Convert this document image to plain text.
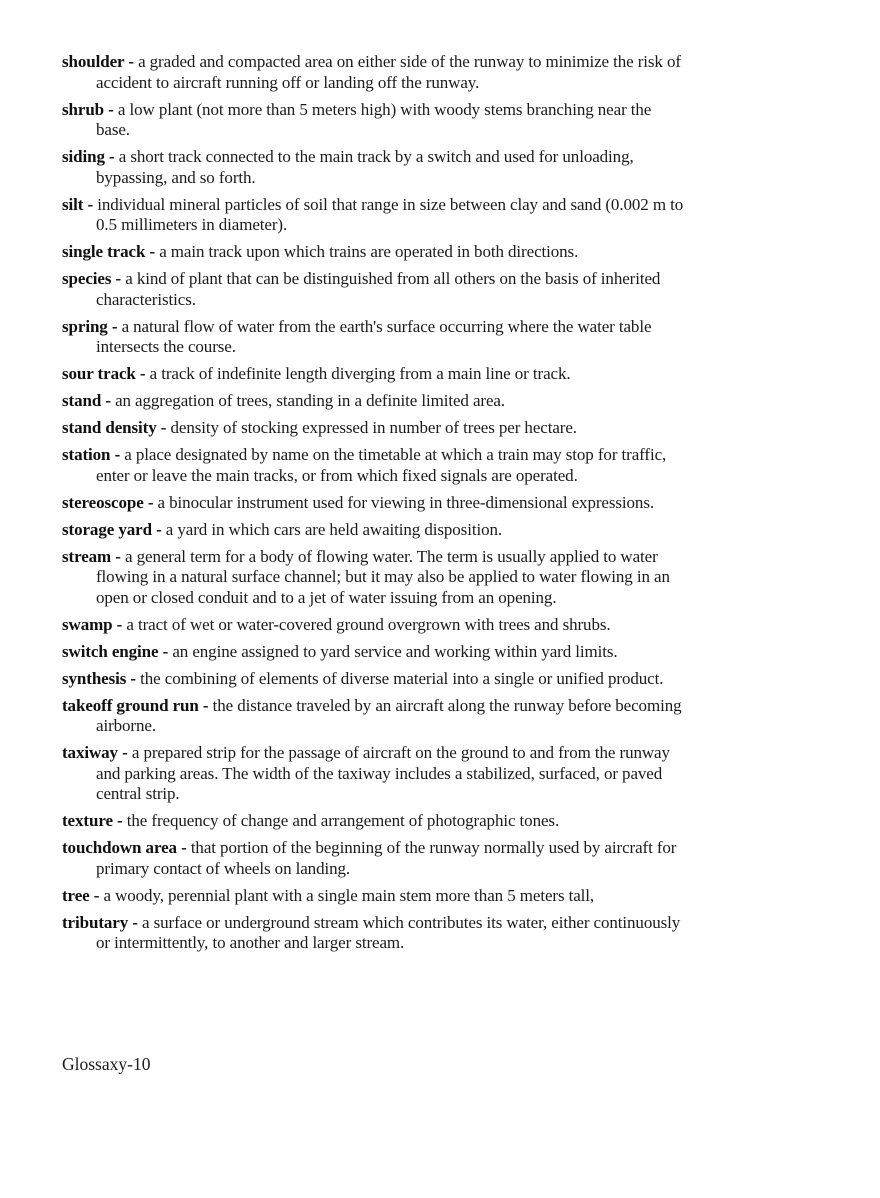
shoulder - a graded and compacted area on either side of the runway to minimize the risk of accident to aircraft running off or landing off the runway.

shrub - a low plant (not more than 5 meters high) with woody stems branching near the base.

siding - a short track connected to the main track by a switch and used for unloading, bypassing, and so forth.

silt - individual mineral particles of soil that range in size between clay and sand (0.002 m to 0.5 millimeters in diameter).

single track - a main track upon which trains are operated in both directions.

species - a kind of plant that can be distinguished from all others on the basis of inherited characteristics.

spring - a natural flow of water from the earth's surface occurring where the water table intersects the course.

sour track - a track of indefinite length diverging from a main line or track.

stand - an aggregation of trees, standing in a definite limited area.

stand density - density of stocking expressed in number of trees per hectare.

station - a place designated by name on the timetable at which a train may stop for traffic, enter or leave the main tracks, or from which fixed signals are operated.

stereoscope - a binocular instrument used for viewing in three-dimensional expressions.

storage yard - a yard in which cars are held awaiting disposition.

stream - a general term for a body of flowing water. The term is usually applied to water flowing in a natural surface channel; but it may also be applied to water flowing in an open or closed conduit and to a jet of water issuing from an opening.

swamp - a tract of wet or water-covered ground overgrown with trees and shrubs.

switch engine - an engine assigned to yard service and working within yard limits.

synthesis - the combining of elements of diverse material into a single or unified product.

takeoff ground run - the distance traveled by an aircraft along the runway before becoming airborne.

taxiway - a prepared strip for the passage of aircraft on the ground to and from the runway and parking areas. The width of the taxiway includes a stabilized, surfaced, or paved central strip.

texture - the frequency of change and arrangement of photographic tones.

touchdown area - that portion of the beginning of the runway normally used by aircraft for primary contact of wheels on landing.

tree - a woody, perennial plant with a single main stem more than 5 meters tall,

tributary - a surface or underground stream which contributes its water, either continuously or intermittently, to another and larger stream.

Glossaxy-10
